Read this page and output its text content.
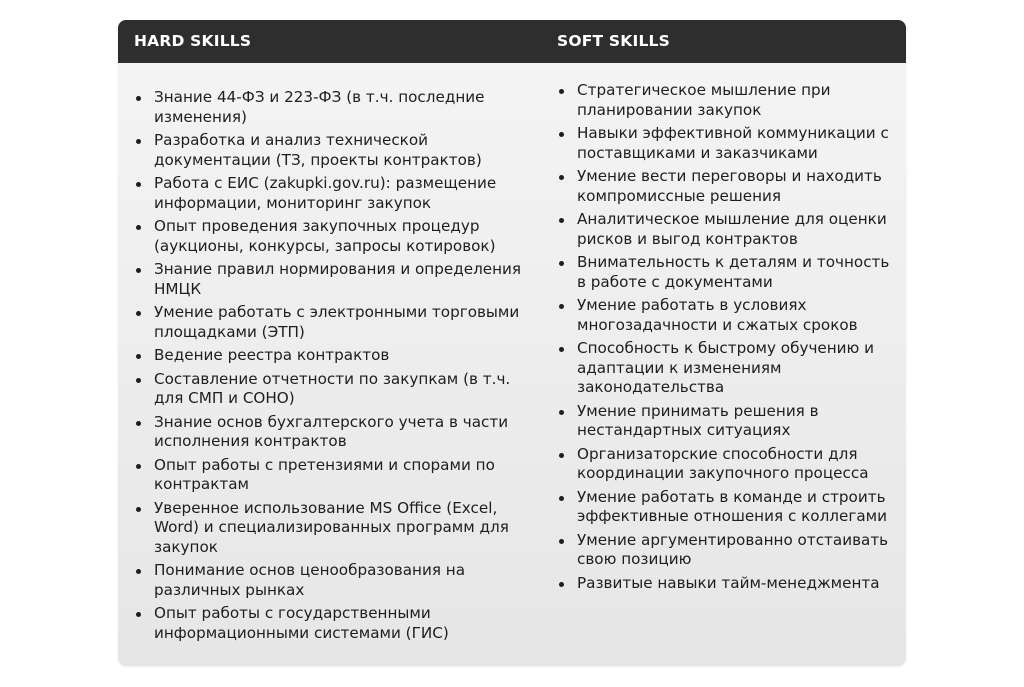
HARD SKILLS	SOFT SKILLS
Знание 44-ФЗ и 223-ФЗ (в т.ч. последние изменения)
Разработка и анализ технической документации (ТЗ, проекты контрактов)
Работа с ЕИС (zakupki.gov.ru): размещение информации, мониторинг закупок
Опыт проведения закупочных процедур (аукционы, конкурсы, запросы котировок)
Знание правил нормирования и определения НМЦК
Умение работать с электронными торговыми площадками (ЭТП)
Ведение реестра контрактов
Составление отчетности по закупкам (в т.ч. для СМП и СОНО)
Знание основ бухгалтерского учета в части исполнения контрактов
Опыт работы с претензиями и спорами по контрактам
Уверенное использование MS Office (Excel, Word) и специализированных программ для закупок
Понимание основ ценообразования на различных рынках
Опыт работы с государственными информационными системами (ГИС)
Стратегическое мышление при планировании закупок
Навыки эффективной коммуникации с поставщиками и заказчиками
Умение вести переговоры и находить компромиссные решения
Аналитическое мышление для оценки рисков и выгод контрактов
Внимательность к деталям и точность в работе с документами
Умение работать в условиях многозадачности и сжатых сроков
Способность к быстрому обучению и адаптации к изменениям законодательства
Умение принимать решения в нестандартных ситуациях
Организаторские способности для координации закупочного процесса
Умение работать в команде и строить эффективные отношения с коллегами
Умение аргументированно отстаивать свою позицию
Развитые навыки тайм-менеджмента
